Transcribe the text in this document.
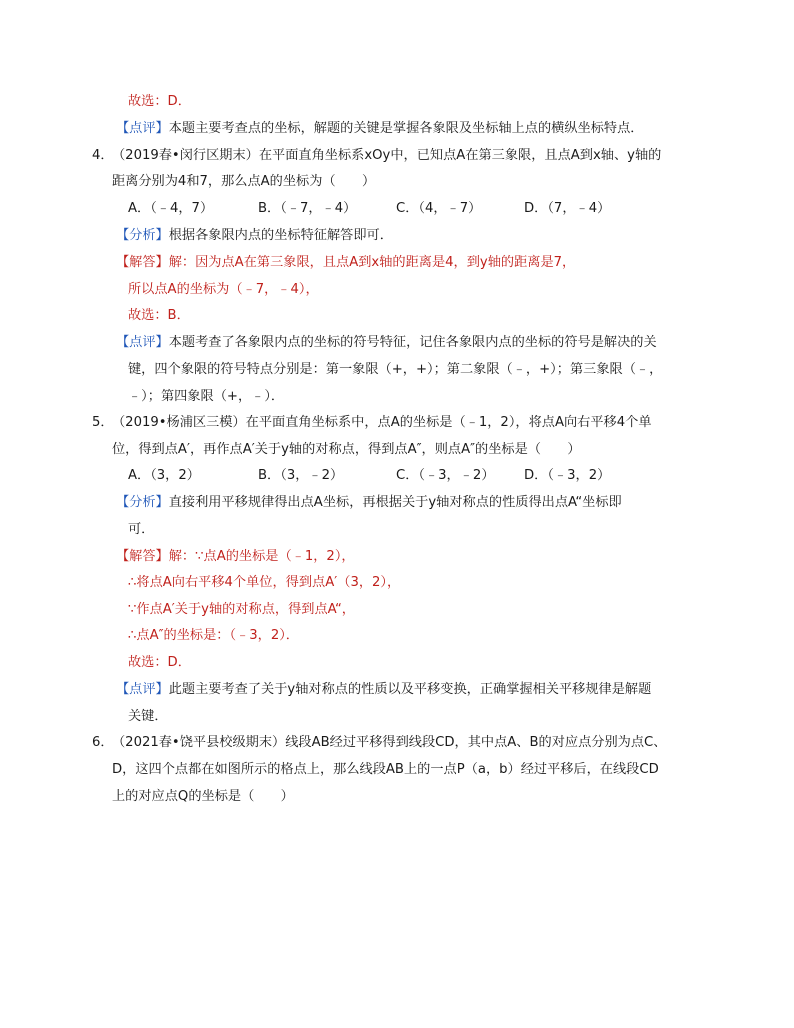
故选：D．
【点评】本题主要考查点的坐标，解题的关键是掌握各象限及坐标轴上点的横纵坐标特点．
4．
（2019春•闵行区期末）在平面直角坐标系xOy中，已知点A在第三象限，且点A到x轴、y轴的
距离分别为4和7，那么点A的坐标为（　　）
A．（﹣4，7）	B．（﹣7，﹣4）	C．（4，﹣7）	D．（7，﹣4）
【分析】根据各象限内点的坐标特征解答即可．
【解答】解：因为点A在第三象限，且点A到x轴的距离是4，到y轴的距离是7，
所以点A的坐标为（﹣7，﹣4），
故选：B．
【点评】本题考查了各象限内点的坐标的符号特征，记住各象限内点的坐标的符号是解决的关
键，四个象限的符号特点分别是：第一象限（+，+）；第二象限（﹣，+）；第三象限（﹣，
﹣）；第四象限（+，﹣）．
5．
（2019•杨浦区三模）在平面直角坐标系中，点A的坐标是（﹣1，2），将点A向右平移4个单
位，得到点A′，再作点A′关于y轴的对称点，得到点A″，则点A″的坐标是（　　）
A．（3，2）	B．（3，﹣2）	C．（﹣3，﹣2） D．（﹣3，2）
【分析】直接利用平移规律得出点A坐标，再根据关于y轴对称点的性质得出点A“坐标即
可．
【解答】解：∵点A的坐标是（﹣1，2），
∴将点A向右平移4个单位，得到点A′（3，2），
∵作点A′关于y轴的对称点，得到点A“，
∴点A″的坐标是：（﹣3，2）．
故选：D．
【点评】此题主要考查了关于y轴对称点的性质以及平移变换，正确掌握相关平移规律是解题
关键．
6．
（2021春•饶平县校级期末）线段AB经过平移得到线段CD，其中点A、B的对应点分别为点C、
D，这四个点都在如图所示的格点上，那么线段AB上的一点P（a，b）经过平移后，在线段CD
上的对应点Q的坐标是（　　）
